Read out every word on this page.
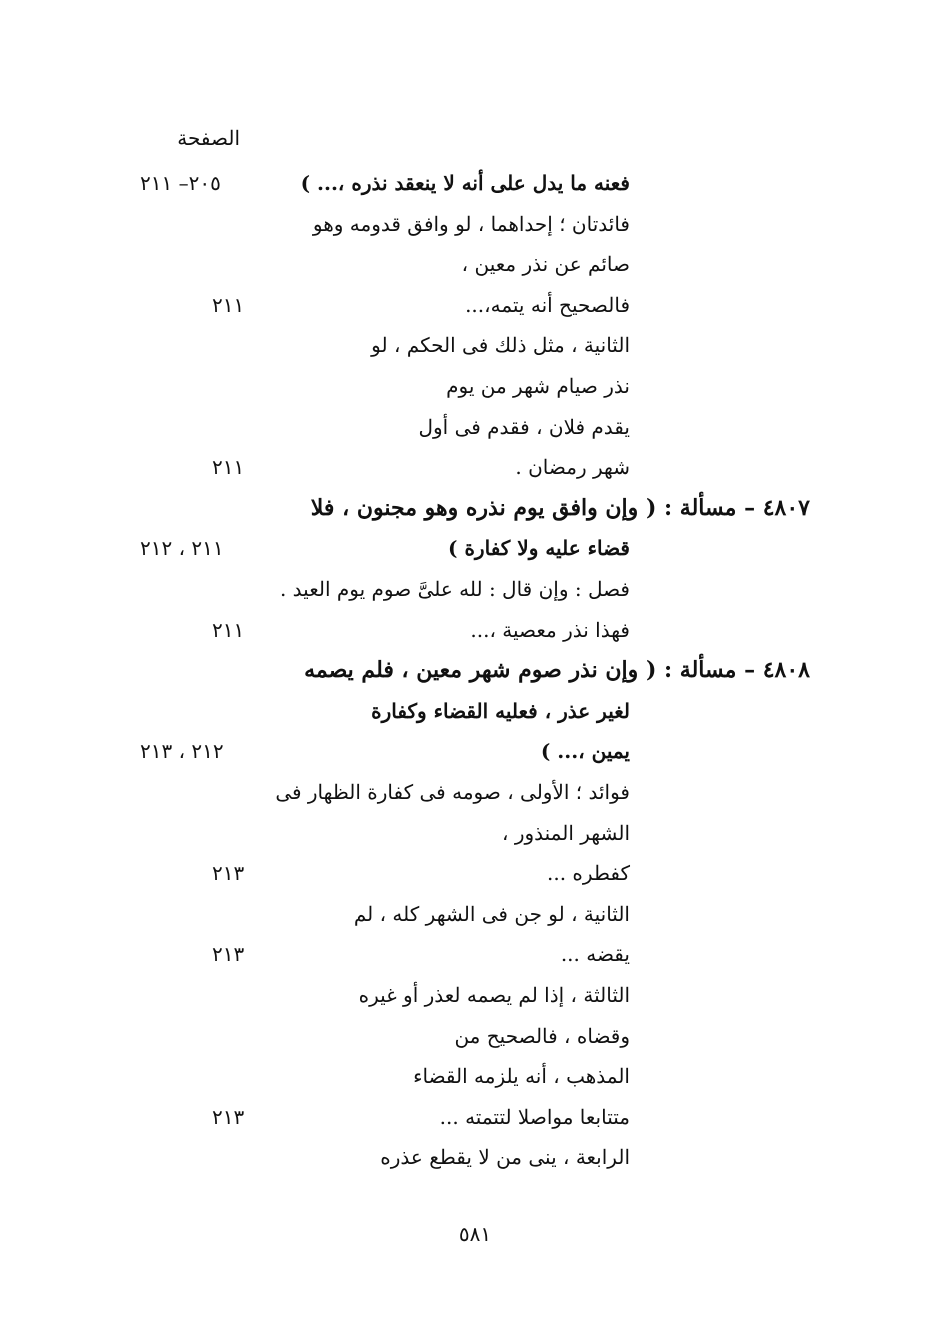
الصفحة
فعنه ما يدل على أنه لا ينعقد نذره ،... )
٢٠٥– ٢١١
فائدتان ؛ إحداهما ، لو وافق قدومه وهو
صائم عن نذر معين ،
فالصحيح أنه يتمه،...
٢١١
الثانية ، مثل ذلك فى الحكم ، لو
نذر صيام شهر من يوم
يقدم فلان ، فقدم فى أول
شهر رمضان .
٢١١
٤٨٠٧ – مسألة : ( وإن وافق يوم نذره وهو مجنون ، فلا
قضاء عليه ولا كفارة )
٢١١ ، ٢١٢
فصل : وإن قال : لله علىَّ صوم يوم العيد .
فهذا نذر معصية ،...
٢١١
٤٨٠٨ – مسألة : ( وإن نذر صوم شهر معين ، فلم يصمه
لغير عذر ، فعليه القضاء وكفارة
يمين ،... )
٢١٢ ، ٢١٣
فوائد ؛ الأولى ، صومه فى كفارة الظهار فى
الشهر المنذور ،
كفطره ...
٢١٣
الثانية ، لو جن فى الشهر كله ، لم
يقضه ...
٢١٣
الثالثة ، إذا لم يصمه لعذر أو غيره
وقضاه ، فالصحيح من
المذهب ، أنه يلزمه القضاء
متتابعا مواصلا لتتمته ...
٢١٣
الرابعة ، ينى من لا يقطع عذره
٥٨١
